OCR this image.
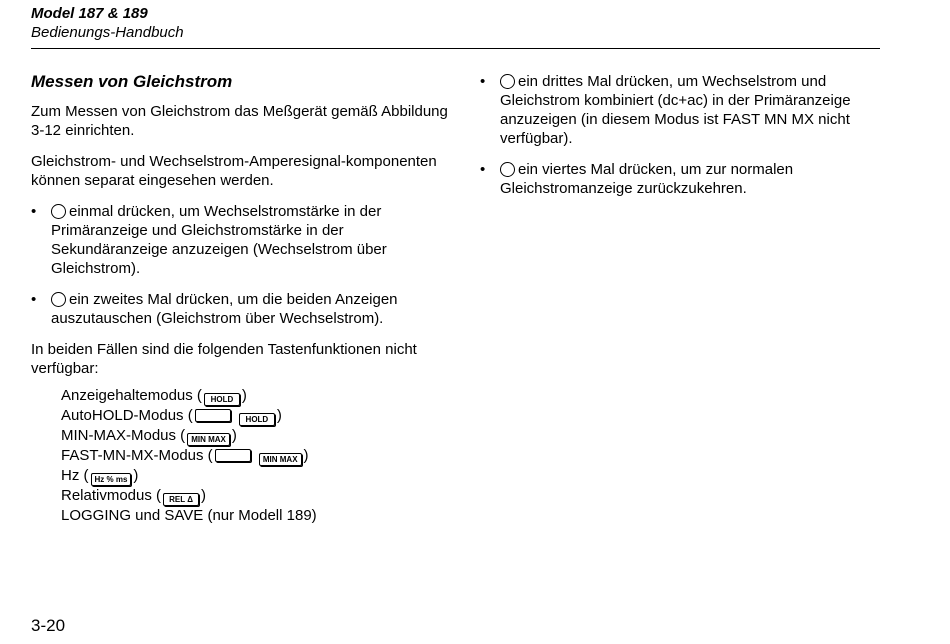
Model 187 & 189
Bedienungs-Handbuch
Messen von Gleichstrom

Zum Messen von Gleichstrom das Meßgerät gemäß Abbildung 3-12 einrichten.

Gleichstrom- und Wechselstrom-Amperesignal-komponenten können separat eingesehen werden.

• einmal drücken, um Wechselstromstärke in der Primäranzeige und Gleichstromstärke in der Sekundäranzeige anzuzeigen (Wechselstrom über Gleichstrom).
• ein zweites Mal drücken, um die beiden Anzeigen auszutauschen (Gleichstrom über Wechselstrom).

In beiden Fällen sind die folgenden Tastenfunktionen nicht verfügbar:

Anzeigehaltemodus ( HOLD )
AutoHOLD-Modus (	HOLD )
MIN-MAX-Modus ( MIN MAX )
FAST-MN-MX-Modus (	MIN MAX )
Hz ( Hz % ms )
Relativmodus ( REL Δ )
LOGGING und SAVE (nur Modell 189)
• ein drittes Mal drücken, um Wechselstrom und Gleichstrom kombiniert (dc+ac) in der Primäranzeige anzuzeigen (in diesem Modus ist FAST MN MX nicht verfügbar).
• ein viertes Mal drücken, um zur normalen Gleichstromanzeige zurückzukehren.
3-20
